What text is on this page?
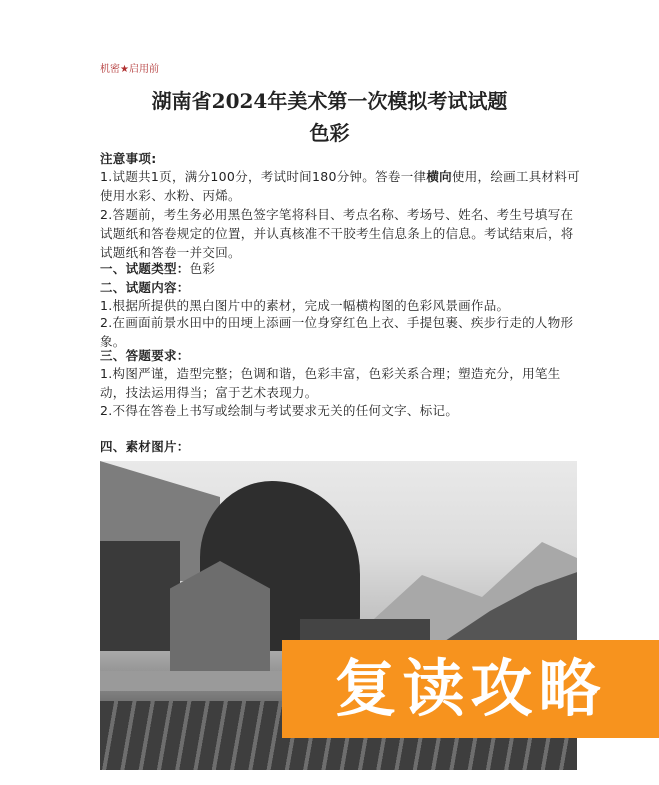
机密★启用前
湖南省2024年美术第一次模拟考试试题
色彩
注意事项:
1.试题共1页，满分100分，考试时间180分钟。答卷一律横向使用，绘画工具材料可使用水彩、水粉、丙烯。
2.答题前，考生务必用黑色签字笔将科目、考点名称、考场号、姓名、考生号填写在试题纸和答卷规定的位置，并认真核准不干胶考生信息条上的信息。考试结束后，将试题纸和答卷一并交回。
一、试题类型：色彩
二、试题内容：
1.根据所提供的黑白图片中的素材，完成一幅横构图的色彩风景画作品。
2.在画面前景水田中的田埂上添画一位身穿红色上衣、手提包裹、疾步行走的人物形象。
三、答题要求：
1.构图严谨，造型完整；色调和谐，色彩丰富，色彩关系合理；塑造充分，用笔生动，技法运用得当；富于艺术表现力。
2.不得在答卷上书写或绘制与考试要求无关的任何文字、标记。
四、素材图片：
复读攻略
